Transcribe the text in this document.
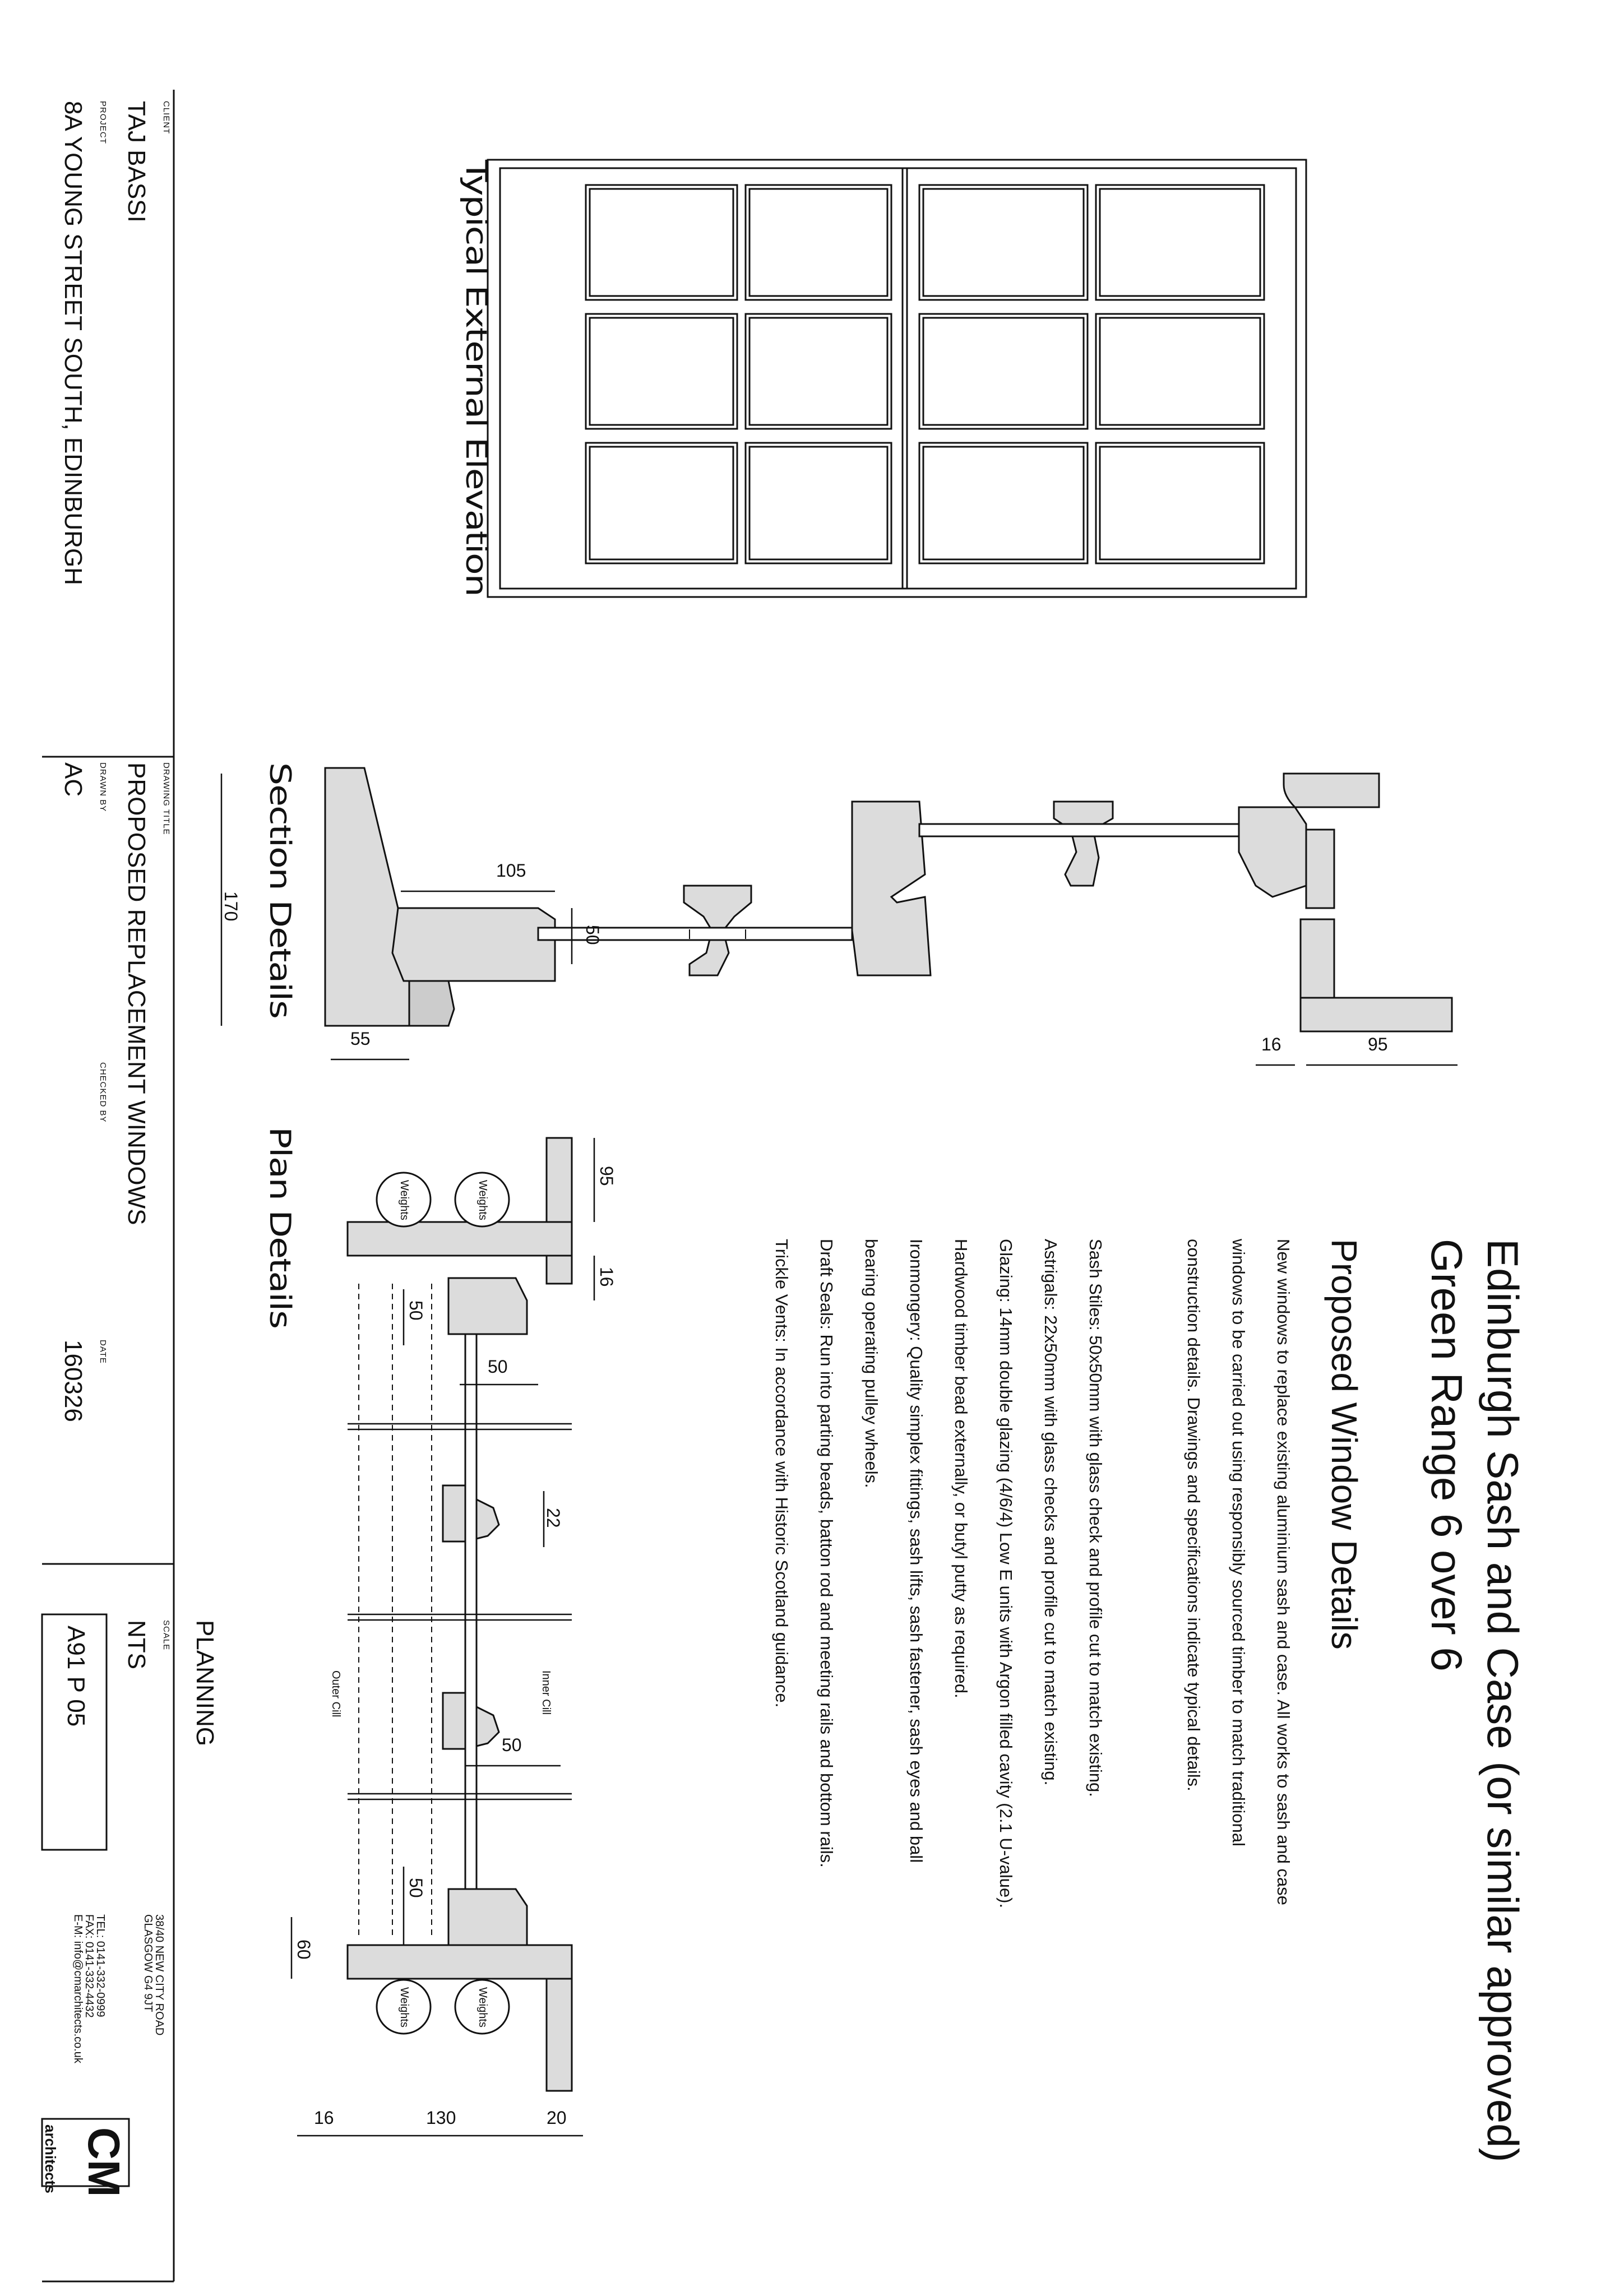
Edinburgh Sash and Case (or similar approved)
Green Range 6 over 6
Proposed Window Details
Typical External Elevation
Section Details
Plan Details
New windows to replace existing aluminium sash and case. All works to sash and case
windows to be carried out using responsibly sourced timber to match traditional
construction details. Drawings and specifications indicate typical details.
Sash Stiles: 50x50mm with glass check and profile cut to match existing.
Astrigals: 22x50mm with glass checks and profile cut to match existing.
Glazing: 14mm double glazing (4/6/4) Low E units with Argon filled cavity (2.1 U-value).
Hardwood timber bead externally, or butyl putty as required.
Ironmongery: Quality simplex fittings, sash lifts, sash fastener, sash eyes and ball
bearing operating pulley wheels.
Draft Seals: Run into parting beads, batton rod and meeting rails and bottom rails.
Trickle Vents: In accordance with Historic Scotland guidance.
105
170
50
55	16	95
95
16
50
50
22
50
50
60
16	130	20
Weights	Weights
Weights	Weights
Inner Cill
Outer Cill
CLIENT
TAJ BASSI
PROJECT
8A YOUNG STREET SOUTH, EDINBURGH
DRAWING TITLE
PROPOSED REPLACEMENT WINDOWS
DRAWN BY
AC
CHECKED BY
DATE
160326
PLANNING
SCALE
NTS
A91 P 05
38/40 NEW CITY ROAD
GLASGOW G4 9JT
TEL: 0141-332-0999
FAX: 0141-332-4432
E-M: info@cmarchitects.co.uk
CM
architects
